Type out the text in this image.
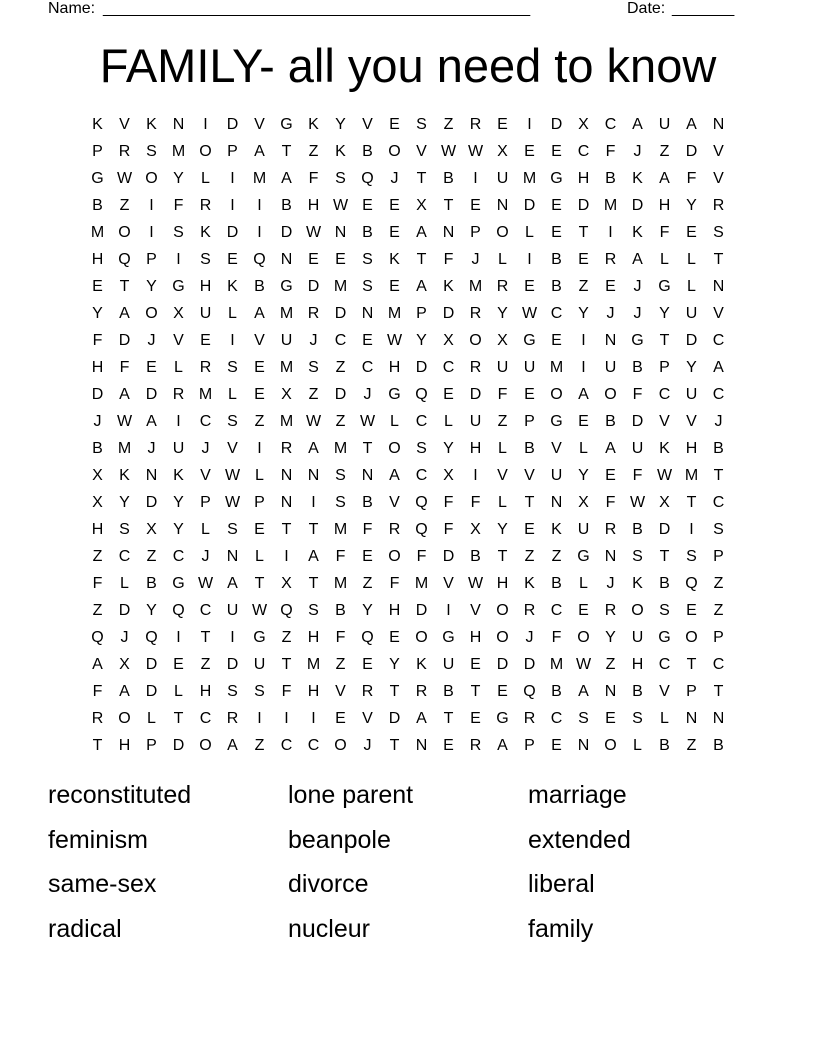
Name: ________________________________________________	Date: _______
FAMILY- all you need to know
K	V	K N	I	D V G K	Y	V	E	S	Z	R E	I	D X C A U A N
P R S M O P	A	T	Z	K	B O V W W X	E	E C	F	J	Z	D V
G W O Y	L	I	M A	F	S Q	J	T	B	I	U M G H B	K	A	F	V
B	Z	I	F	R	I	I	B H W E	E	X	T	E N D E D M D H Y R
M O	I	S	K D	I	D W N B	E	A N P O	L	E	T	I	K	F	E	S
H Q P	I	S	E Q N E	E	S	K	T	F	J	L	I	B	E R A	L	L	T
E	T	Y G H K	B G D M S	E	A	K M R E	B	Z	E	J	G	L	N
Y	A O X U	L	A M R D N M P D R Y W C Y	J	J	Y U V
F	D	J	V	E	I	V U	J	C E W Y	X O X G E	I	N G T	D C
H	F	E	L	R S	E M S	Z	C H D C R U U M	I	U B	P	Y	A
D A D R M L	E	X	Z	D	J	G Q E D	F	E O A O F	C U C
J W A	I	C S	Z M W Z W L	C	L	U	Z	P G E	B D V	V	J
B M	J	U	J	V	I	R A M T O S	Y H	L	B	V	L	A U K H B
X	K N K	V W L	N N S N A C X	I	V	V U Y	E	F W M T
X	Y D Y	P W P N	I	S	B	V Q F	F	L	T	N X	F W X	T	C
H S	X	Y	L	S	E	T	T M F	R Q F	X	Y	E	K U R B D	I	S
Z	C	Z	C	J	N	L	I	A	F	E O F	D B	T	Z	Z G N S	T	S	P
F	L	B G W A	T	X	T M Z	F M V W H K	B	L	J	K	B Q Z
Z	D Y Q C U W Q S	B	Y H D	I	V O R C E R O S	E	Z
Q	J	Q	I	T	I	G Z	H	F Q E O G H O	J	F O Y U G O P
A	X D E	Z	D U	T M Z	E	Y	K U E D D M W Z	H C	T	C
F	A D	L	H S	S	F	H V R	T	R B	T	E Q B	A N B	V	P	T
R O	L	T	C R	I	I	I	E	V D A	T	E G R C S	E	S	L	N N
T	H P D O A	Z	C C O	J	T	N E R A	P	E N O	L	B	Z	B
reconstituted	lone parent	marriage
feminism	beanpole	extended
same-sex	divorce	liberal
radical	nucleur	family
